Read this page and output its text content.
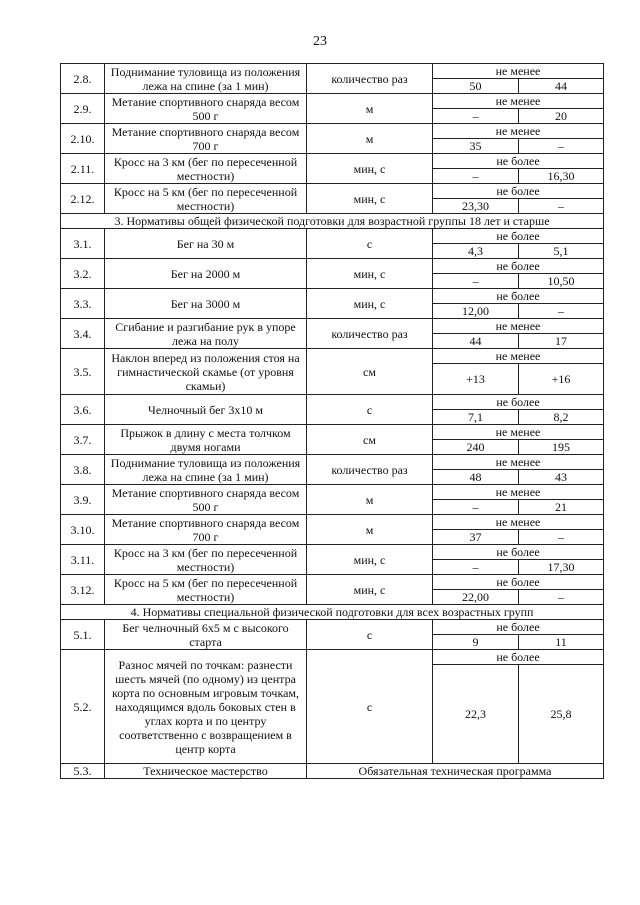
23
2.8.	Поднимание туловища из положения лежа на спине (за 1 мин)	количество раз	не менее	
			50	44
2.9.	Метание спортивного снаряда весом 500 г	м	не менее	
			–	20
2.10.	Метание спортивного снаряда весом 700 г	м	не менее	
			35	–
2.11.	Кросс на 3 км (бег по пересеченной местности)	мин, с	не более	
			–	16,30
2.12.	Кросс на 5 км (бег по пересеченной местности)	мин, с	не более	
			23,30	–
3. Нормативы общей физической подготовки для возрастной группы 18 лет и старше				
3.1.	Бег на 30 м	с	не более	
			4,3	5,1
3.2.	Бег на 2000 м	мин, с	не более	
			–	10,50
3.3.	Бег на 3000 м	мин, с	не более	
			12,00	–
3.4.	Сгибание и разгибание рук в упоре лежа на полу	количество раз	не менее	
			44	17
3.5.	Наклон вперед из положения стоя на гимнастической скамье (от уровня скамьи)	см	не менее	
			+13	+16
3.6.	Челночный бег 3х10 м	с	не более	
			7,1	8,2
3.7.	Прыжок в длину с места толчком двумя ногами	см	не менее	
			240	195
3.8.	Поднимание туловища из положения лежа на спине (за 1 мин)	количество раз	не менее	
			48	43
3.9.	Метание спортивного снаряда весом 500 г	м	не менее	
			–	21
3.10.	Метание спортивного снаряда весом 700 г	м	не менее	
			37	–
3.11.	Кросс на 3 км (бег по пересеченной местности)	мин, с	не более	
			–	17,30
3.12.	Кросс на 5 км (бег по пересеченной местности)	мин, с	не более	
			22,00	–
4. Нормативы специальной физической подготовки для всех возрастных групп				
5.1.	Бег челночный 6х5 м с высокого старта	с	не более	
			9	11
5.2.	Разнос мячей по точкам: разнести шесть мячей (по одному) из центра корта по основным игровым точкам, находящимся вдоль боковых стен в углах корта и по центру соответственно с возвращением в центр корта	с	не более	
			22,3	25,8
5.3.	Техническое мастерство	Обязательная техническая программа		
